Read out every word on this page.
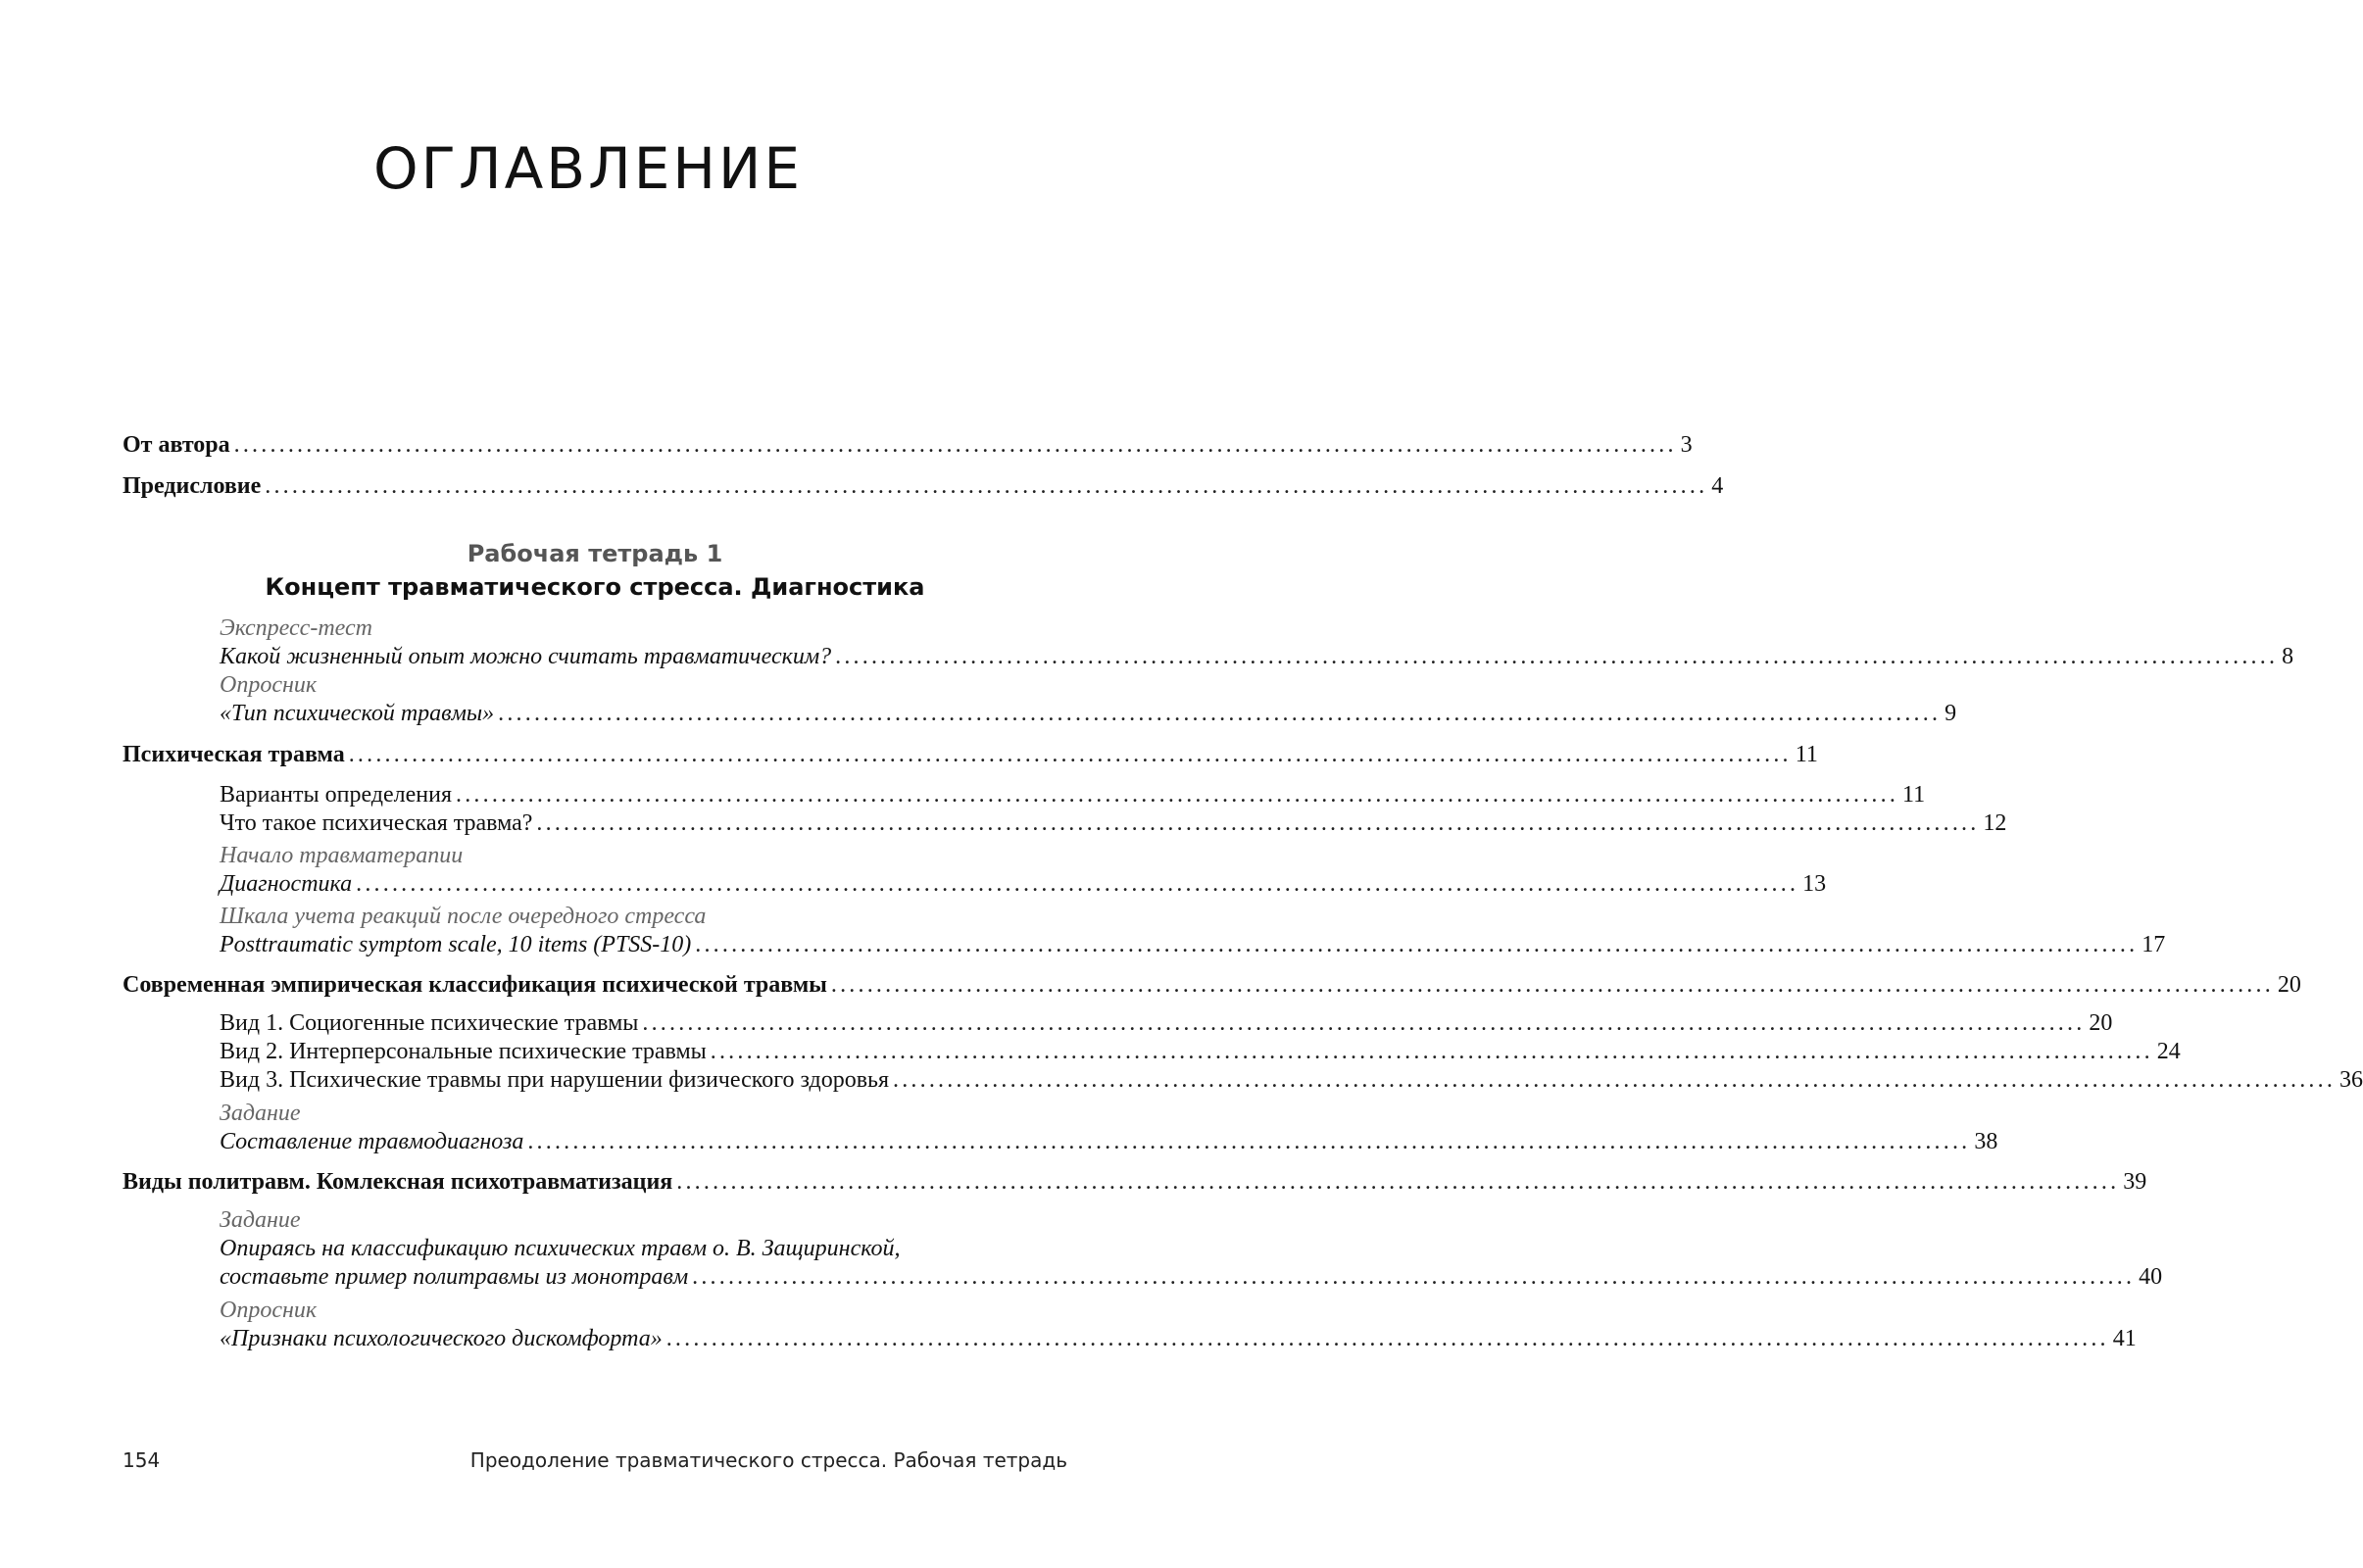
ОГЛАВЛЕНИЕ
От автора ................................................................................................................................................................ 3
Предисловие ................................................................................................................................................................ 4
Рабочая тетрадь 1
Концепт травматического стресса. Диагностика
Экспресс-тест
Какой жизненный опыт можно считать травматическим? ................................................................................................................................................................ 8
Опросник
«Тип психической травмы» ................................................................................................................................................................ 9
Психическая травма ................................................................................................................................................................ 11
Варианты определения ................................................................................................................................................................ 11
Что такое психическая травма? ................................................................................................................................................................ 12
Начало травматерапии
Диагностика ................................................................................................................................................................ 13
Шкала учета реакций после очередного стресса
Posttraumatic symptom scale, 10 items (PTSS-10) ................................................................................................................................................................ 17
Современная эмпирическая классификация психической травмы ................................................................................................................................................................ 20
Вид 1. Социогенные психические травмы ................................................................................................................................................................ 20
Вид 2. Интерперсональные психические травмы ................................................................................................................................................................ 24
Вид 3. Психические травмы при нарушении физического здоровья ................................................................................................................................................................ 36
Задание
Составление травмодиагноза ................................................................................................................................................................ 38
Виды политравм. Комлексная психотравматизация ................................................................................................................................................................ 39
Задание
Опираясь на классификацию психических травм о. В. Защиринской,
составьте пример политравмы из монотравм ................................................................................................................................................................ 40
Опросник
«Признаки психологического дискомфорта» ................................................................................................................................................................ 41
154	Преодоление травматического стресса. Рабочая тетрадь
